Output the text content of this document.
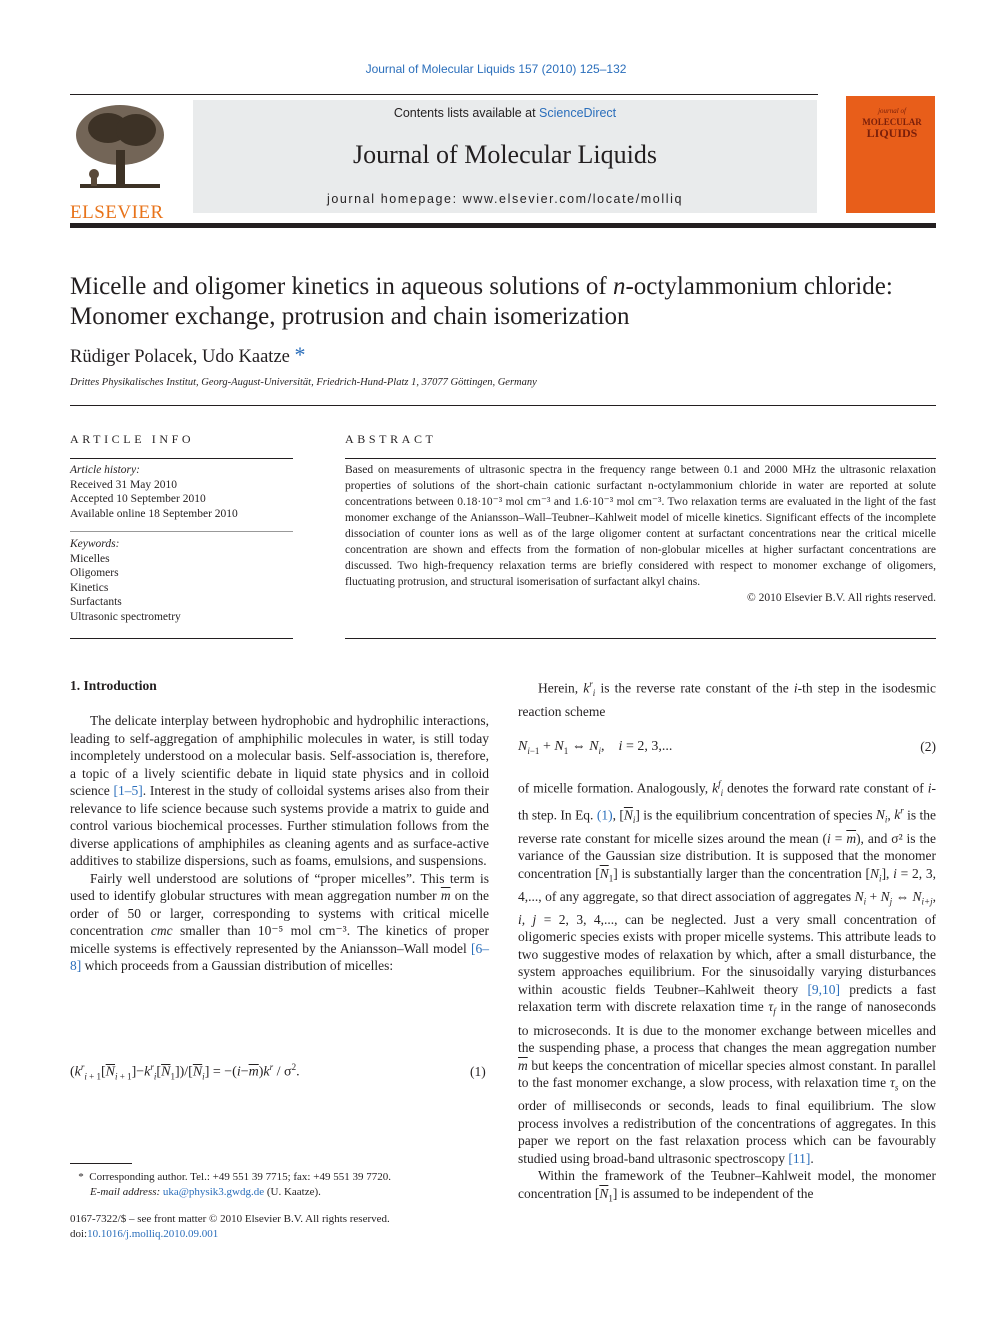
Journal of Molecular Liquids 157 (2010) 125–132
ELSEVIER
Contents lists available at ScienceDirect
Journal of Molecular Liquids
journal homepage: www.elsevier.com/locate/molliq
journal of
MOLECULAR
LIQUIDS
Micelle and oligomer kinetics in aqueous solutions of n-octylammonium chloride: Monomer exchange, protrusion and chain isomerization
Rüdiger Polacek, Udo Kaatze *
Drittes Physikalisches Institut, Georg-August-Universität, Friedrich-Hund-Platz 1, 37077 Göttingen, Germany
ARTICLE INFO
Article history:
Received 31 May 2010
Accepted 10 September 2010
Available online 18 September 2010
Keywords:
Micelles
Oligomers
Kinetics
Surfactants
Ultrasonic spectrometry
ABSTRACT
Based on measurements of ultrasonic spectra in the frequency range between 0.1 and 2000 MHz the ultrasonic relaxation properties of solutions of the short-chain cationic surfactant n-octylammonium chloride in water are reported at solute concentrations between 0.18·10⁻³ mol cm⁻³ and 1.6·10⁻³ mol cm⁻³. Two relaxation terms are evaluated in the light of the fast monomer exchange of the Aniansson–Wall–Teubner–Kahlweit model of micelle kinetics. Significant effects of the incomplete dissociation of counter ions as well as of the large oligomer content at surfactant concentrations near the critical micelle concentration are shown and effects from the formation of non-globular micelles at higher surfactant concentrations are discussed. Two high-frequency relaxation terms are briefly considered with respect to monomer exchange of oligomers, fluctuating protrusion, and structural isomerisation of surfactant alkyl chains.
© 2010 Elsevier B.V. All rights reserved.
1. Introduction

The delicate interplay between hydrophobic and hydrophilic interactions, leading to self-aggregation of amphiphilic molecules in water, is still today incompletely understood on a molecular basis. Self-association is, therefore, a topic of a lively scientific debate in liquid state physics and in colloid science [1–5]. Interest in the study of colloidal systems arises also from their relevance to life science because such systems provide a matrix to guide and control various biochemical processes. Further stimulation follows from the diverse applications of amphiphiles as cleaning agents and as surface-active additives to stabilize dispersions, such as foams, emulsions, and suspensions.

Fairly well understood are solutions of “proper micelles”. This term is used to identify globular structures with mean aggregation number $\overline{m}$ on the order of 50 or larger, corresponding to systems with critical micelle concentration cmc smaller than 10⁻⁵ mol cm⁻³. The kinetics of proper micelle systems is effectively represented by the Aniansson–Wall model [6–8] which proceeds from a Gaussian distribution of micelles:

$(k^r_{i + 1}[\overline{N}_{i + 1}]-k^r_i[\overline{N}_1])/[\overline{N}_i] = -(i-\overline{m})k^r / \sigma^2$.	(1)

Herein, $k^r_i$ is the reverse rate constant of the i-th step in the isodesmic reaction scheme

$N_{i-1} + N_1$ ⇔ $N_i$,    i = 2, 3,...	(2)

of micelle formation. Analogously, $k^f_i$ denotes the forward rate constant of i-th step. In Eq. (1), $[\overline{N}_i]$ is the equilibrium concentration of species $N_i$, $k^r$ is the reverse rate constant for micelle sizes around the mean $(i = \overline{m})$, and σ² is the variance of the Gaussian size distribution. It is supposed that the monomer concentration $[\overline{N}_1]$ is substantially larger than the concentration $[N_i]$, i = 2, 3, 4,..., of any aggregate, so that direct association of aggregates $N_i + N_j$ ⇔ $N_{i+j}$, i, j = 2, 3, 4,..., can be neglected. Just a very small concentration of oligomeric species exists with proper micelle systems. This attribute leads to two suggestive modes of relaxation by which, after a small disturbance, the system approaches equilibrium. For the sinusoidally varying disturbances within acoustic fields Teubner–Kahlweit theory [9,10] predicts a fast relaxation term with discrete relaxation time $\tau_f$ in the range of nanoseconds to microseconds. It is due to the monomer exchange between micelles and the suspending phase, a process that changes the mean aggregation number $\overline{m}$ but keeps the concentration of micellar species almost constant. In parallel to the fast monomer exchange, a slow process, with relaxation time $\tau_s$ on the order of milliseconds or seconds, leads to final equilibrium. The slow process involves a redistribution of the concentrations of aggregates. In this paper we report on the fast relaxation process which can be favourably studied using broad-band ultrasonic spectroscopy [11].

Within the framework of the Teubner–Kahlweit model, the monomer concentration $[\overline{N}_1]$ is assumed to be independent of the

* Corresponding author. Tel.: +49 551 39 7715; fax: +49 551 39 7720.
E-mail address: uka@physik3.gwdg.de (U. Kaatze).
0167-7322/$ – see front matter © 2010 Elsevier B.V. All rights reserved.
doi:10.1016/j.molliq.2010.09.001
